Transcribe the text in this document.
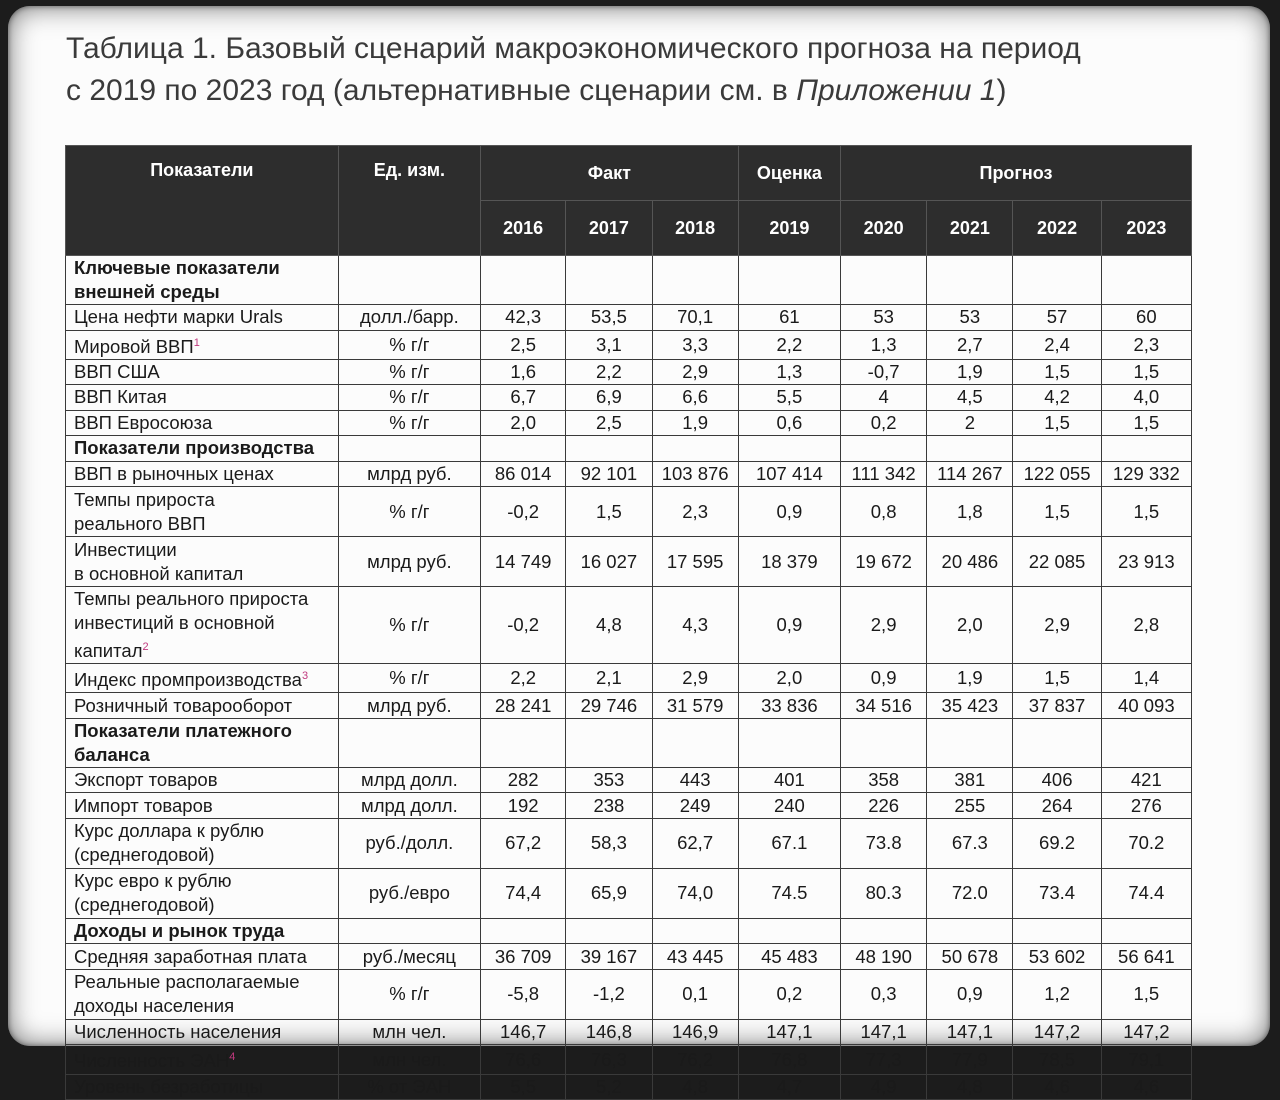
Таблица 1. Базовый сценарий макроэкономического прогноза на период
с 2019 по 2023 год (альтернативные сценарии см. в Приложении 1)
Показатели	Ед. изм.	Факт			Оценка	Прогноз			
		2016	2017	2018	2019	2020	2021	2022	2023
Ключевые показатели внешней среды									
Цена нефти марки Urals	долл./барр.	42,3	53,5	70,1	61	53	53	57	60
Мировой ВВП$^1$	% г/г	2,5	3,1	3,3	2,2	1,3	2,7	2,4	2,3
ВВП США	% г/г	1,6	2,2	2,9	1,3	-0,7	1,9	1,5	1,5
ВВП Китая	% г/г	6,7	6,9	6,6	5,5	4	4,5	4,2	4,0
ВВП Евросоюза	% г/г	2,0	2,5	1,9	0,6	0,2	2	1,5	1,5
Показатели производства									
ВВП в рыночных ценах	млрд руб.	86 014	92 101	103 876	107 414	111 342	114 267	122 055	129 332
Темпы прироста
реального ВВП	% г/г	-0,2	1,5	2,3	0,9	0,8	1,8	1,5	1,5
Инвестиции
в основной капитал	млрд руб.	14 749	16 027	17 595	18 379	19 672	20 486	22 085	23 913
Темпы реального прироста
инвестиций в основной
капитал$^2$	% г/г	-0,2	4,8	4,3	0,9	2,9	2,0	2,9	2,8
Индекс промпроизводства$^3$	% г/г	2,2	2,1	2,9	2,0	0,9	1,9	1,5	1,4
Розничный товарооборот	млрд руб.	28 241	29 746	31 579	33 836	34 516	35 423	37 837	40 093
Показатели платежного баланса									
Экспорт товаров	млрд долл.	282	353	443	401	358	381	406	421
Импорт товаров	млрд долл.	192	238	249	240	226	255	264	276
Курс доллара к рублю
(среднегодовой)	руб./долл.	67,2	58,3	62,7	67.1	73.8	67.3	69.2	70.2
Курс евро к рублю
(среднегодовой)	руб./евро	74,4	65,9	74,0	74.5	80.3	72.0	73.4	74.4
Доходы и рынок труда									
Средняя заработная плата	руб./месяц	36 709	39 167	43 445	45 483	48 190	50 678	53 602	56 641
Реальные располагаемые
доходы населения	% г/г	-5,8	-1,2	0,1	0,2	0,3	0,9	1,2	1,5
Численность населения	млн чел.	146,7	146,8	146,9	147,1	147,1	147,1	147,2	147,2
Численность ЭАН$^4$	млн чел.	76,6	76,3	76,2	76,8	77,3	77,9	78,5	79,1
Уровень безработицы	% от ЭАН	5,5	5,2	4,8	4,7	4,9	4,8	4,6	4,6
